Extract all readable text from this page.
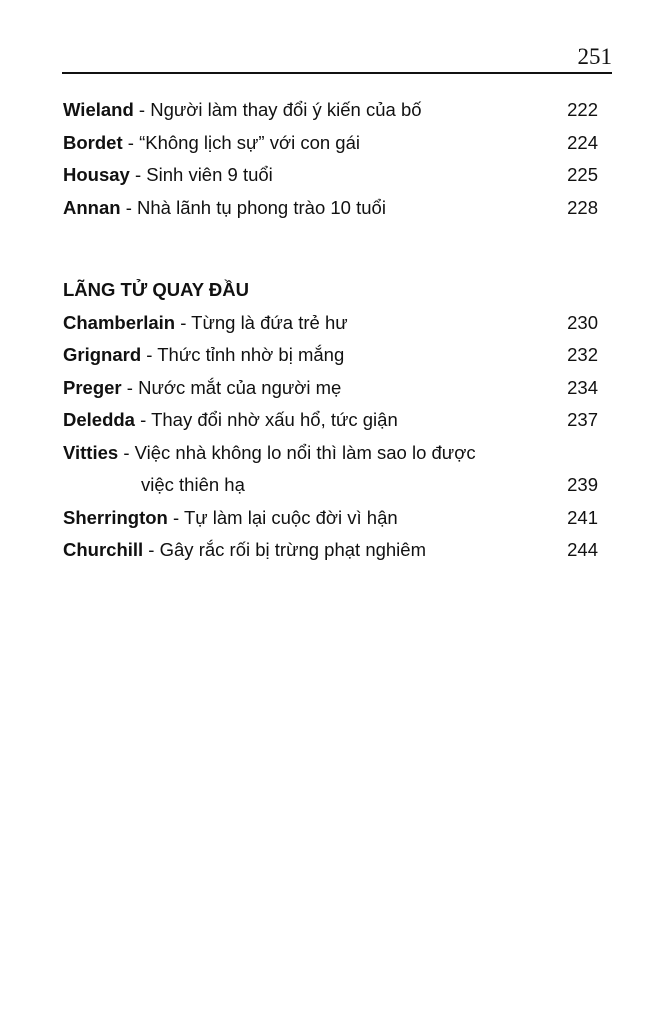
251
Wieland - Người làm thay đổi ý kiến của bố	222
Bordet - “Không lịch sự” với con gái	224
Housay - Sinh viên 9 tuổi	225
Annan - Nhà lãnh tụ phong trào 10 tuổi	228
LÃNG TỬ QUAY ĐẦU
Chamberlain - Từng là đứa trẻ hư	230
Grignard - Thức tỉnh nhờ bị mắng	232
Preger - Nước mắt của người mẹ	234
Deledda - Thay đổi nhờ xấu hổ, tức giận	237
Vitties - Việc nhà không lo nổi thì làm sao lo được
việc thiên hạ	239
Sherrington - Tự làm lại cuộc đời vì hận	241
Churchill - Gây rắc rối bị trừng phạt nghiêm	244
